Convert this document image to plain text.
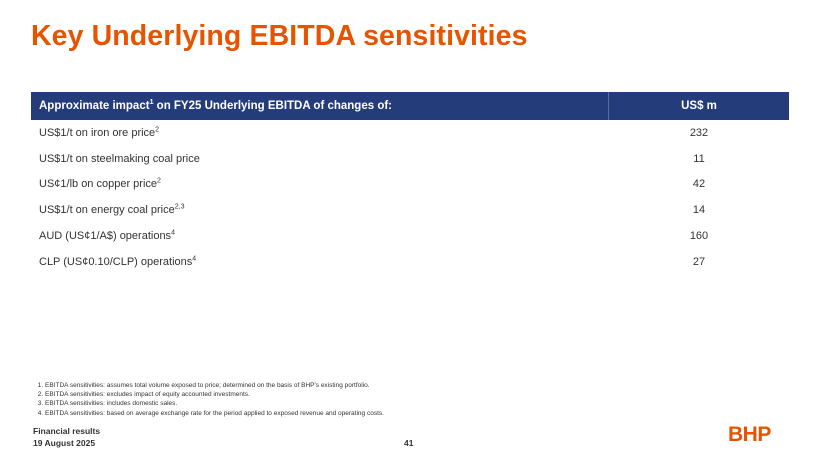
Key Underlying EBITDA sensitivities
Approximate impact$^1$ on FY25 Underlying EBITDA of changes of:	US$ m
US$1/t on iron ore price$^2$	232
US$1/t on steelmaking coal price	11
US¢1/lb on copper price$^2$	42
US$1/t on energy coal price$^{2,3}$	14
AUD (US¢1/A$) operations$^4$	160
CLP (US¢0.10/CLP) operations$^4$	27
1. EBITDA sensitivities: assumes total volume exposed to price; determined on the basis of BHP's existing portfolio.
2. EBITDA sensitivities: excludes impact of equity accounted investments.
3. EBITDA sensitivities: includes domestic sales.
4. EBITDA sensitivities: based on average exchange rate for the period applied to exposed revenue and operating costs.
Financial results
19 August 2025	41	BHP
